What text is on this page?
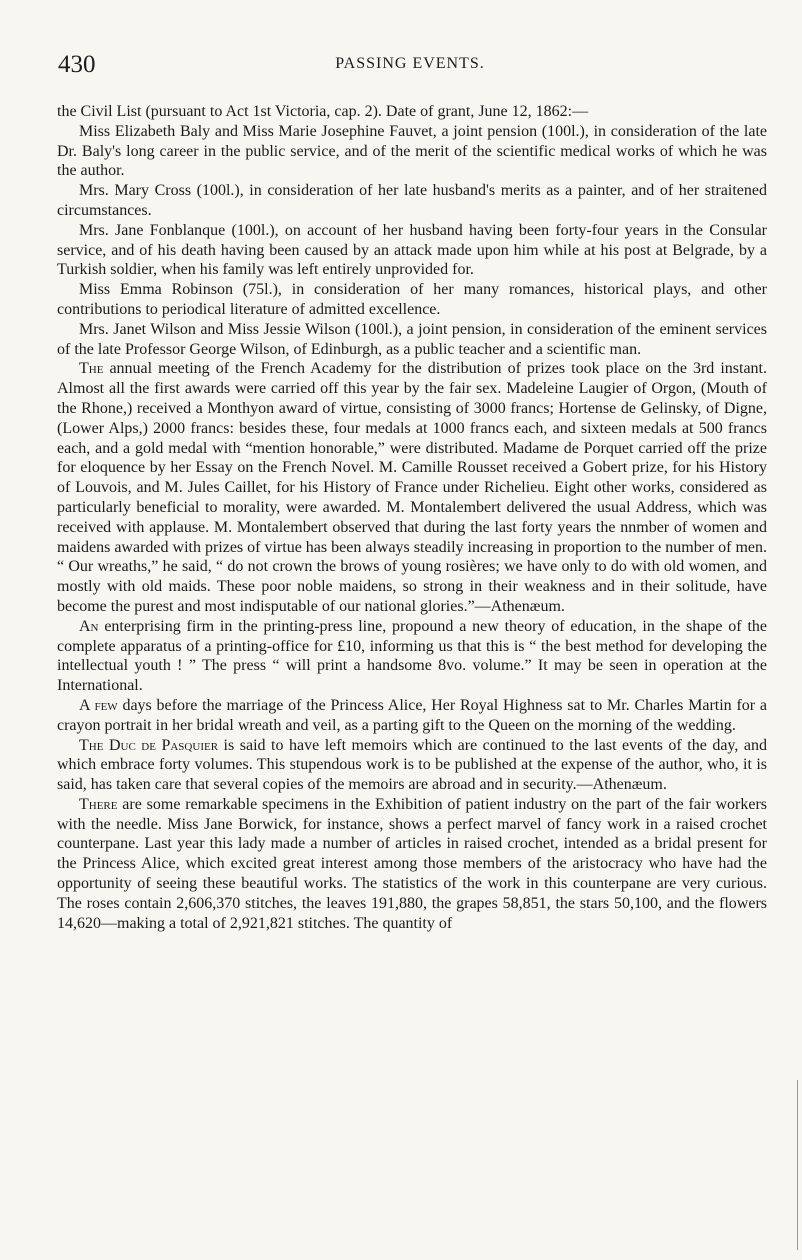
430	PASSING EVENTS.

the Civil List (pursuant to Act 1st Victoria, cap. 2). Date of grant, June 12, 1862:—

Miss Elizabeth Baly and Miss Marie Josephine Fauvet, a joint pension (100l.), in consideration of the late Dr. Baly's long career in the public service, and of the merit of the scientific medical works of which he was the author.

Mrs. Mary Cross (100l.), in consideration of her late husband's merits as a painter, and of her straitened circumstances.

Mrs. Jane Fonblanque (100l.), on account of her husband having been forty-four years in the Consular service, and of his death having been caused by an attack made upon him while at his post at Belgrade, by a Turkish soldier, when his family was left entirely unprovided for.

Miss Emma Robinson (75l.), in consideration of her many romances, historical plays, and other contributions to periodical literature of admitted excellence.

Mrs. Janet Wilson and Miss Jessie Wilson (100l.), a joint pension, in consideration of the eminent services of the late Professor George Wilson, of Edinburgh, as a public teacher and a scientific man.

The annual meeting of the French Academy for the distribution of prizes took place on the 3rd instant. Almost all the first awards were carried off this year by the fair sex. Madeleine Laugier of Orgon, (Mouth of the Rhone,) received a Monthyon award of virtue, consisting of 3000 francs; Hortense de Gelinsky, of Digne, (Lower Alps,) 2000 francs: besides these, four medals at 1000 francs each, and sixteen medals at 500 francs each, and a gold medal with “mention honorable,” were distributed. Madame de Porquet carried off the prize for eloquence by her Essay on the French Novel. M. Camille Rousset received a Gobert prize, for his History of Louvois, and M. Jules Caillet, for his History of France under Richelieu. Eight other works, considered as particularly beneficial to morality, were awarded. M. Montalembert delivered the usual Address, which was received with applause. M. Montalembert observed that during the last forty years the nnmber of women and maidens awarded with prizes of virtue has been always steadily increasing in proportion to the number of men. “ Our wreaths,” he said, “ do not crown the brows of young rosières; we have only to do with old women, and mostly with old maids. These poor noble maidens, so strong in their weakness and in their solitude, have become the purest and most indisputable of our national glories.”—Athenæum.

An enterprising firm in the printing-press line, propound a new theory of education, in the shape of the complete apparatus of a printing-office for £10, informing us that this is “ the best method for developing the intellectual youth ! ” The press “ will print a handsome 8vo. volume.” It may be seen in operation at the International.

A few days before the marriage of the Princess Alice, Her Royal Highness sat to Mr. Charles Martin for a crayon portrait in her bridal wreath and veil, as a parting gift to the Queen on the morning of the wedding.

The Duc de Pasquier is said to have left memoirs which are continued to the last events of the day, and which embrace forty volumes. This stupendous work is to be published at the expense of the author, who, it is said, has taken care that several copies of the memoirs are abroad and in security.—Athenæum.

There are some remarkable specimens in the Exhibition of patient industry on the part of the fair workers with the needle. Miss Jane Borwick, for instance, shows a perfect marvel of fancy work in a raised crochet counterpane. Last year this lady made a number of articles in raised crochet, intended as a bridal present for the Princess Alice, which excited great interest among those members of the aristocracy who have had the opportunity of seeing these beautiful works. The statistics of the work in this counterpane are very curious. The roses contain 2,606,370 stitches, the leaves 191,880, the grapes 58,851, the stars 50,100, and the flowers 14,620—making a total of 2,921,821 stitches. The quantity of
